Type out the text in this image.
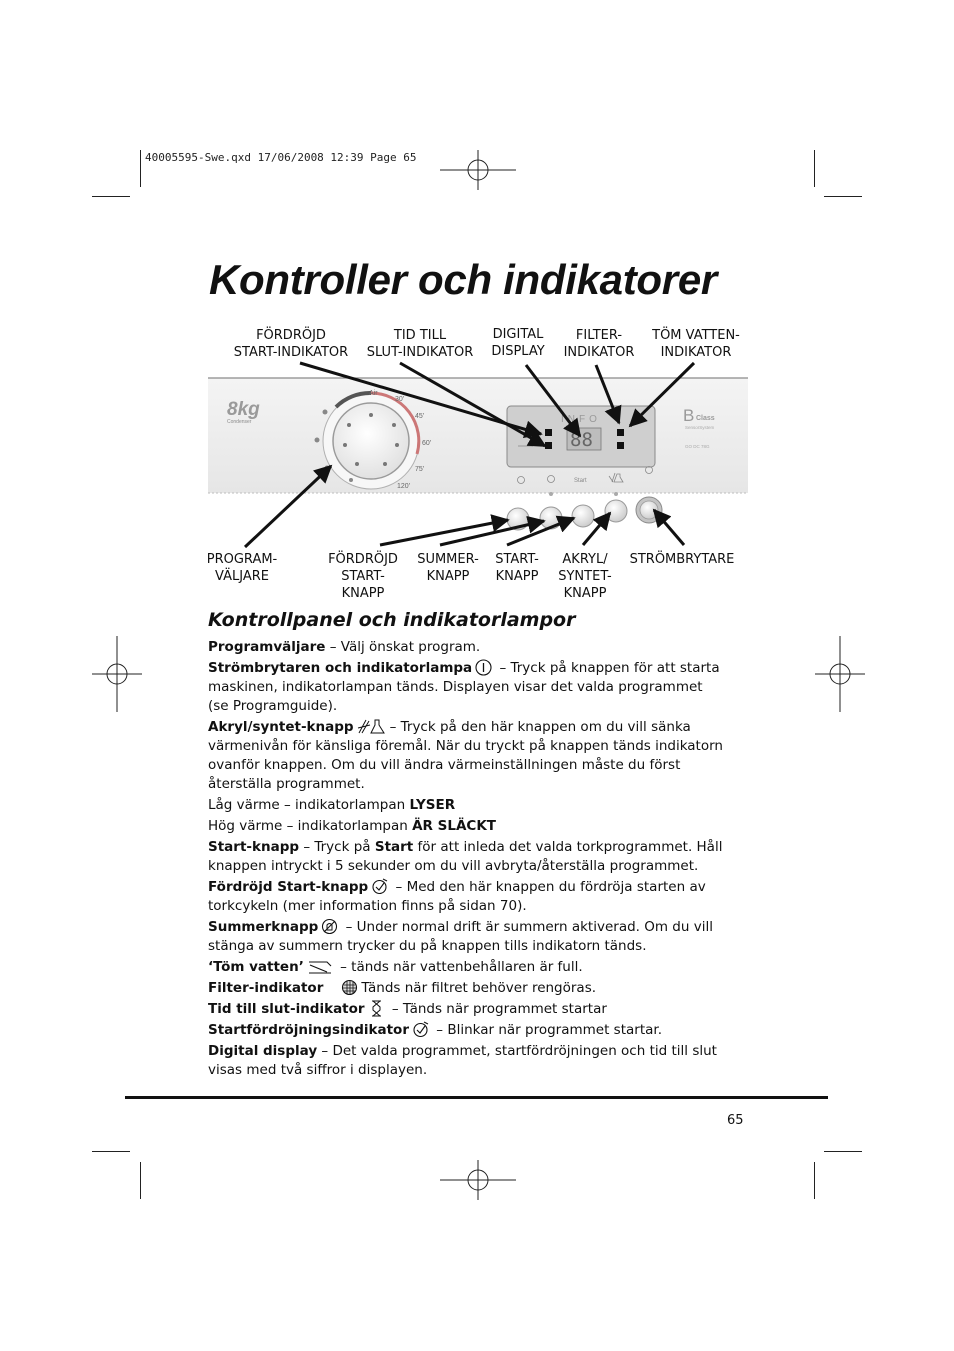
40005595-Swe.qxd 17/06/2008 12:39 Page 65
Kontroller och indikatorer
FÖRDRÖJD
START-INDIKATOR
TID TILL
SLUT-INDIKATOR
DIGITAL
DISPLAY
FILTER-
INDIKATOR
TÖM VATTEN-
INDIKATOR
Air
30'
45'
60'
75'
120'
8kg
Condenser	INFO
88
B Class
SensorSystem
GO DC 78G
Start
PROGRAM-
VÄLJARE
FÖRDRÖJD
START-
KNAPP
SUMMER-
KNAPP
START-
KNAPP
AKRYL/
SYNTET-
KNAPP
STRÖMBRYTARE
Kontrollpanel och indikatorlampor

Programväljare – Välj önskat program.

Strömbrytaren och indikatorlampa
– Tryck på knappen för att starta
maskinen, indikatorlampan tänds. Displayen visar det valda programmet
(se Programguide).

Akryl/syntet-knapp	– Tryck på den här knappen om du vill sänka
värmenivån för känsliga föremål. När du tryckt på knappen tänds indikatorn
ovanför knappen. Om du vill ändra värmeinställningen måste du först
återställa programmet.

Låg värme – indikatorlampan LYSER

Hög värme – indikatorlampan ÄR SLÄCKT

Start-knapp – Tryck på Start för att inleda det valda torkprogrammet. Håll
knappen intryckt i 5 sekunder om du vill avbryta/återställa programmet.

Fördröjd Start-knapp
– Med den här knappen du fördröja starten av
torkcykeln (mer information finns på sidan 70).

Summerknapp
– Under normal drift är summern aktiverad. Om du vill
stänga av summern trycker du på knappen tills indikatorn tänds.

‘Töm vatten’
– tänds när vattenbehållaren är full.

Filter-indikator	Tänds när filtret behöver rengöras.

Tid till slut-indikator
– Tänds när programmet startar

Startfördröjningsindikator
– Blinkar när programmet startar.

Digital display – Det valda programmet, startfördröjningen och tid till slut
visas med två siffror i displayen.

65
